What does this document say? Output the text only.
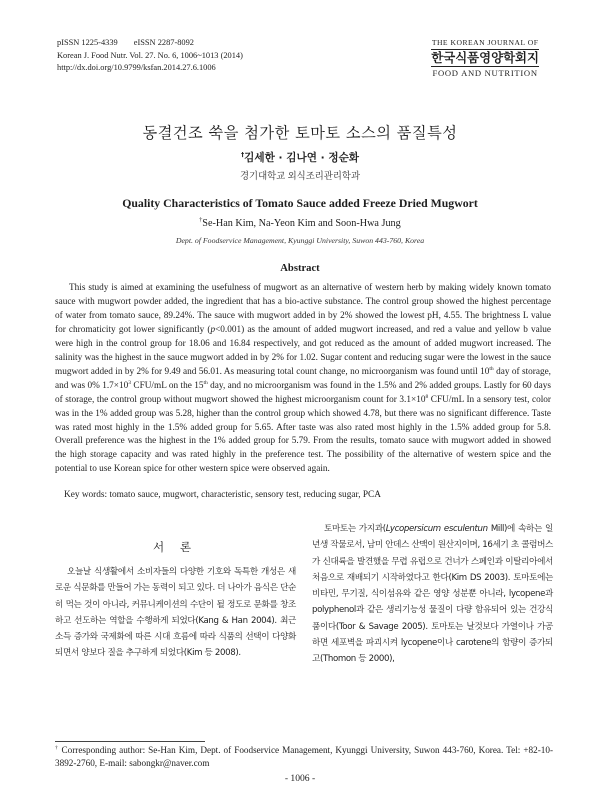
pISSN 1225-4339 eISSN 2287-8092
Korean J. Food Nutr. Vol. 27. No. 6, 1006~1013 (2014)
http://dx.doi.org/10.9799/ksfan.2014.27.6.1006
THE KOREAN JOURNAL OF
한국식품영양학회지
FOOD AND NUTRITION
동결건조 쑥을 첨가한 토마토 소스의 품질특성
†김세한 · 김나연 · 정순화
경기대학교 외식조리관리학과
Quality Characteristics of Tomato Sauce added Freeze Dried Mugwort
†Se-Han Kim, Na-Yeon Kim and Soon-Hwa Jung
Dept. of Foodservice Management, Kyunggi University, Suwon 443-760, Korea
Abstract

This study is aimed at examining the usefulness of mugwort as an alternative of western herb by making widely known tomato sauce with mugwort powder added, the ingredient that has a bio-active substance. The control group showed the highest percentage of water from tomato sauce, 89.24%. The sauce with mugwort added in by 2% showed the lowest pH, 4.55. The brightness L value for chromaticity got lower significantly (p<0.001) as the amount of added mugwort increased, and red a value and yellow b value were high in the control group for 18.06 and 16.84 respectively, and got reduced as the amount of added mugwort increased. The salinity was the highest in the sauce mugwort added in by 2% for 1.02. Sugar content and reducing sugar were the lowest in the sauce mugwort added in by 2% for 9.49 and 56.01. As measuring total count change, no microorganism was found until 10th day of storage, and was 0% $1.7\times 10^3$ CFU/mL on the 15th day, and no microorganism was found in the 1.5% and 2% added groups. Lastly for 60 days of storage, the control group without mugwort showed the highest microorganism count for $3.1\times 10^8$ CFU/mL In a sensory test, color was in the 1% added group was 5.28, higher than the control group which showed 4.78, but there was no significant difference. Taste was rated most highly in the 1.5% added group for 5.65. After taste was also rated most highly in the 1.5% added group for 5.8. Overall preference was the highest in the 1% added group for 5.79. From the results, tomato sauce with mugwort added in showed the high storage capacity and was rated highly in the preference test. The possibility of the alternative of western spice and the potential to use Korean spice for other western spice were observed again.

Key words: tomato sauce, mugwort, characteristic, sensory test, reducing sugar, PCA
서 론

오늘날 식생활에서 소비자들의 다양한 기호와 독특한 개성은 새로운 식문화를 만들어 가는 동력이 되고 있다. 더 나아가 음식은 단순히 먹는 것이 아니라, 커뮤니케이션의 수단이 될 정도로 문화를 창조하고 선도하는 역할을 수행하게 되었다(Kang & Han 2004). 최근 소득 증가와 국제화에 따른 시대 흐름에 따라 식품의 선택이 다양화 되면서 양보다 질을 추구하게 되었다(Kim 등 2008).

토마토는 가지과(Lycopersicum esculentun Mill)에 속하는 일년생 작물로서, 남미 안데스 산맥이 원산지이며, 16세기 초 콜럼버스가 신대륙을 발견했을 무렵 유럽으로 건너가 스페인과 이탈리아에서 처음으로 재배되기 시작하였다고 한다(Kim DS 2003). 토마토에는 비타민, 무기질, 식이섬유와 같은 영양 성분뿐 아니라, lycopene과 polyphenol과 같은 생리기능성 물질이 다량 함유되어 있는 건강식품이다(Toor & Savage 2005). 토마토는 날것보다 가열이나 가공하면 세포벽을 파괴시켜 lycopene이나 carotene의 함량이 증가되고(Thomon 등 2000),

† Corresponding author: Se-Han Kim, Dept. of Foodservice Management, Kyunggi University, Suwon 443-760, Korea. Tel: +82-10-3892-2760, E-mail: sabongkr@naver.com
- 1006 -
